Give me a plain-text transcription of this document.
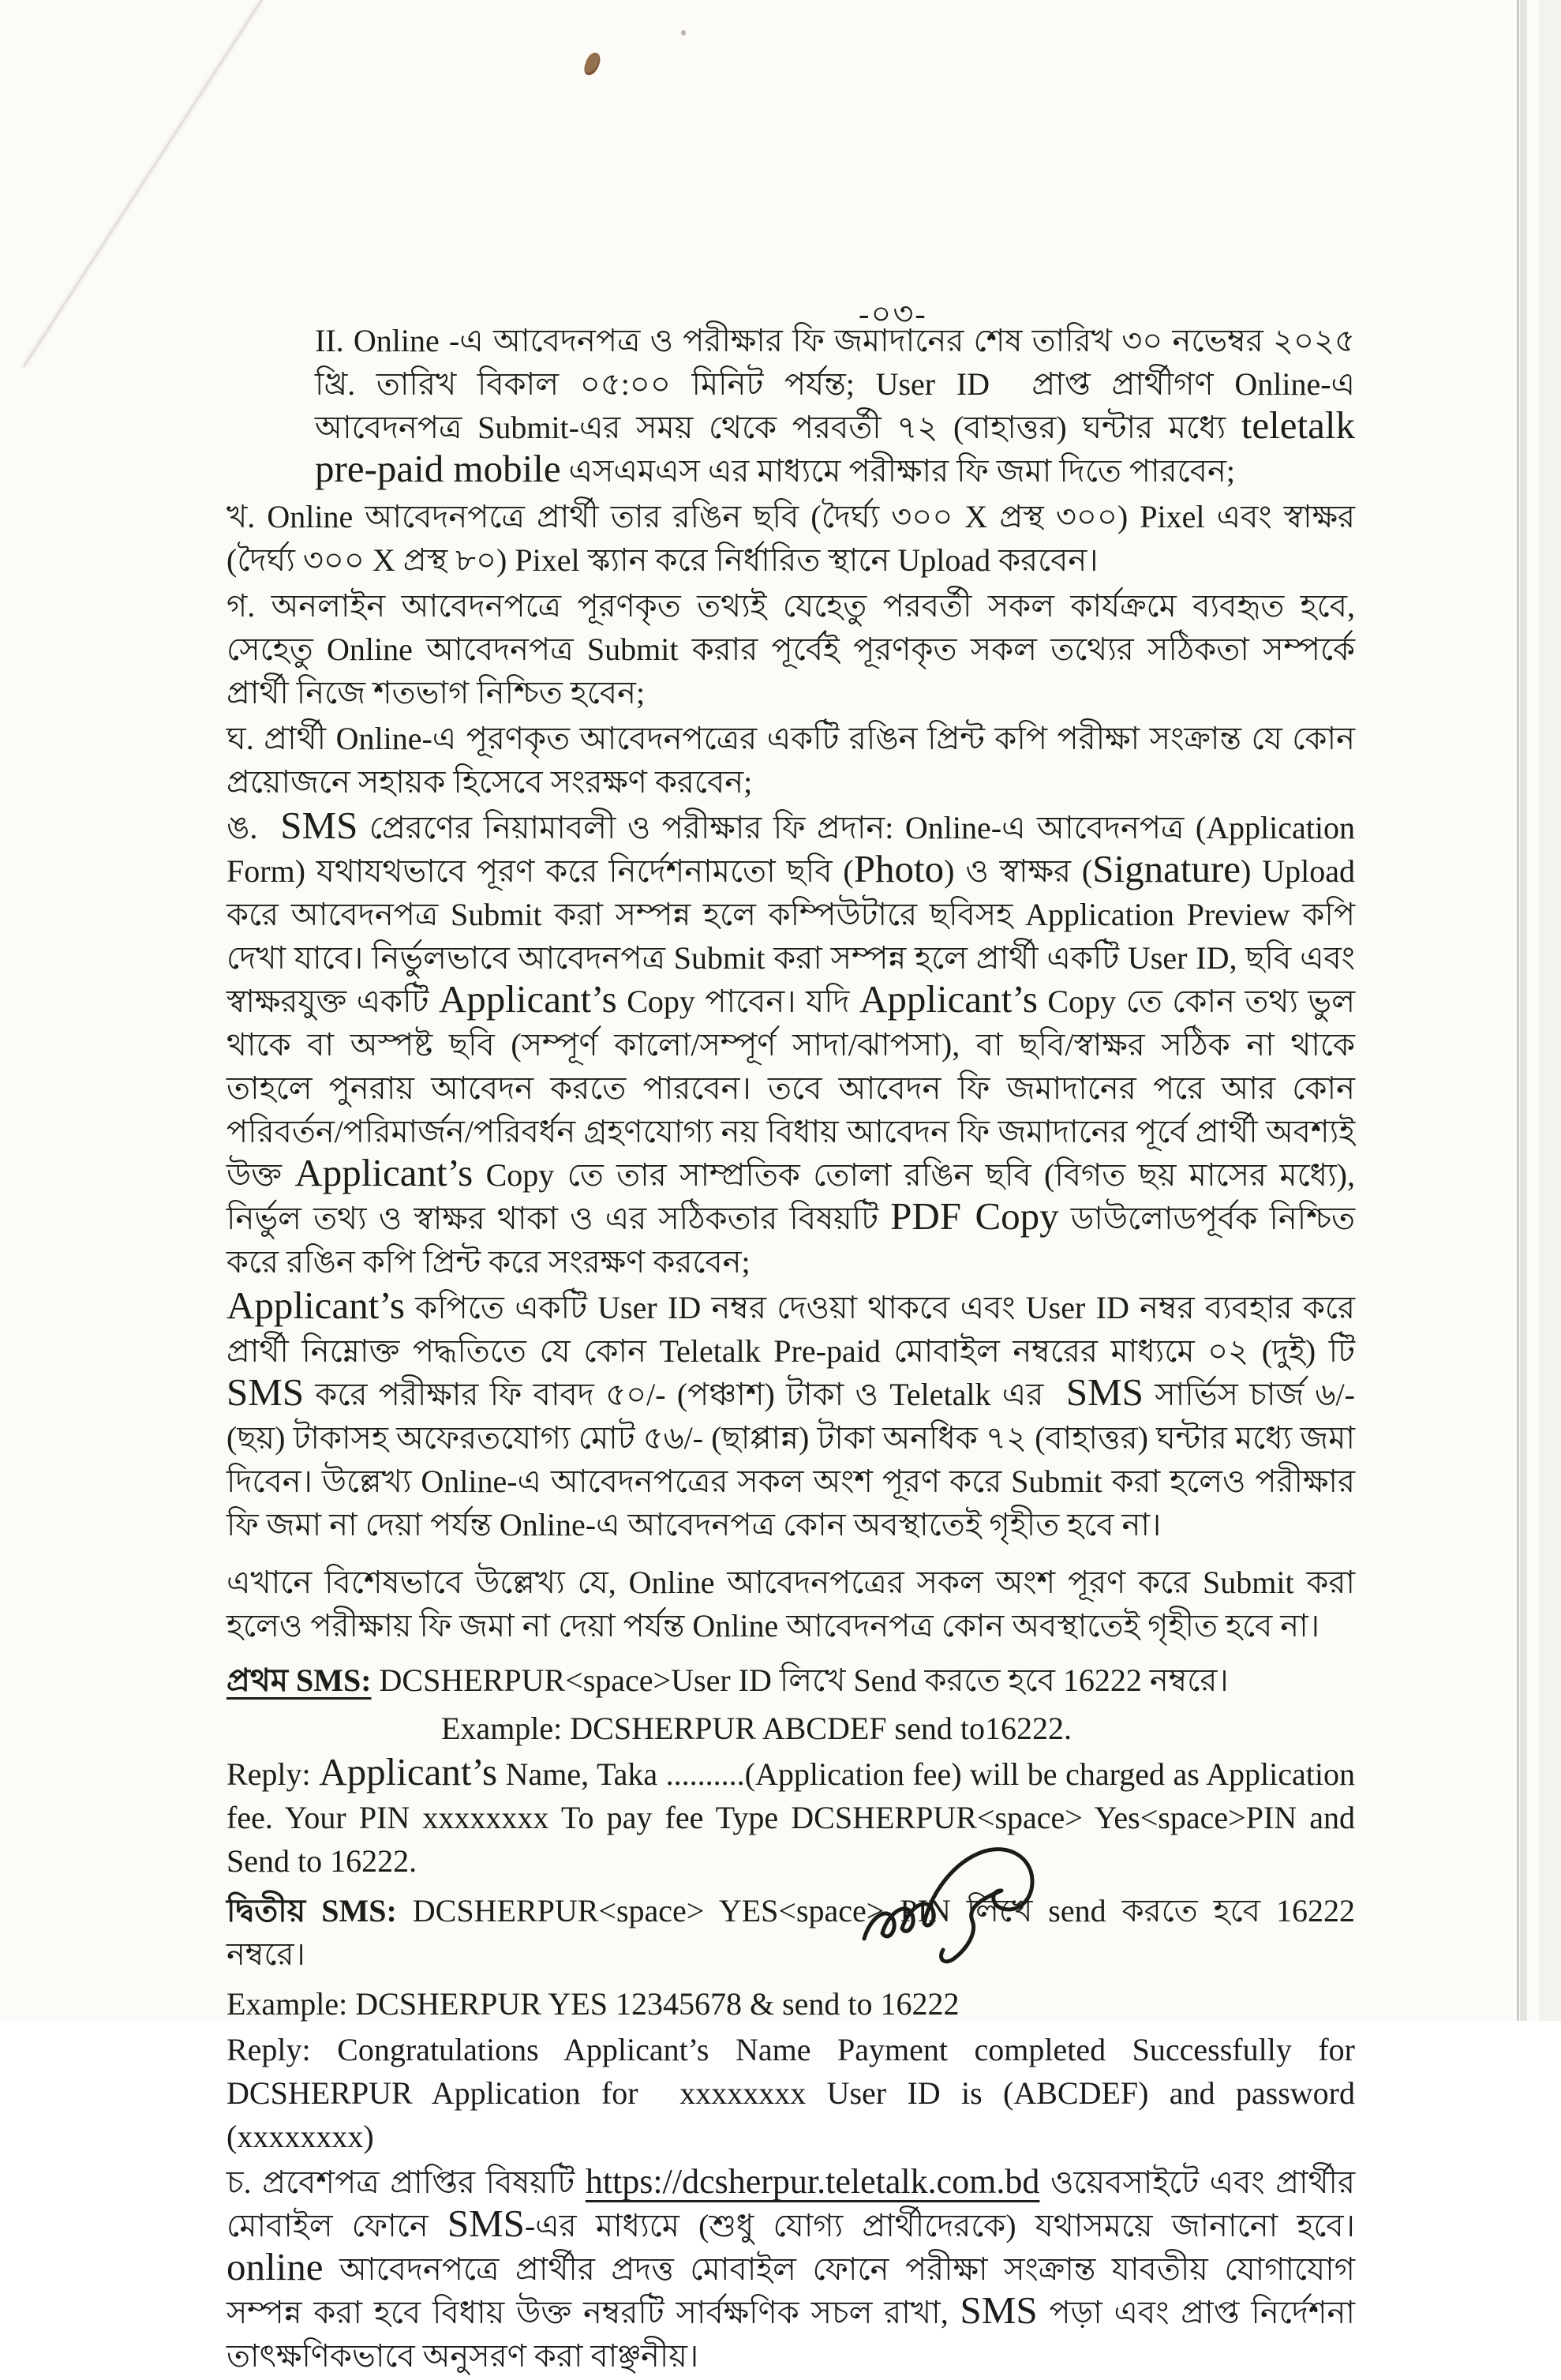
-০৩-

II. Online -এ আবেদনপত্র ও পরীক্ষার ফি জমাদানের শেষ তারিখ ৩০ নভেম্বর ২০২৫ খ্রি. তারিখ বিকাল ০৫:০০ মিনিট পর্যন্ত; User ID  প্রাপ্ত প্রার্থীগণ Online-এ আবেদনপত্র Submit-এর সময় থেকে পরবর্তী ৭২ (বাহাত্তর) ঘন্টার মধ্যে teletalk pre-paid mobile এসএমএস এর মাধ্যমে পরীক্ষার ফি জমা দিতে পারবেন;

খ. Online আবেদনপত্রে প্রার্থী তার রঙিন ছবি (দৈর্ঘ্য ৩০০ X প্রস্থ ৩০০) Pixel এবং স্বাক্ষর (দৈর্ঘ্য ৩০০ X প্রস্থ ৮০) Pixel স্ক্যান করে নির্ধারিত স্থানে Upload করবেন।

গ. অনলাইন আবেদনপত্রে পূরণকৃত তথ্যই যেহেতু পরবর্তী সকল কার্যক্রমে ব্যবহৃত হবে, সেহেতু Online আবেদনপত্র Submit করার পূর্বেই পূরণকৃত সকল তথ্যের সঠিকতা সম্পর্কে প্রার্থী নিজে শতভাগ নিশ্চিত হবেন;

ঘ. প্রার্থী Online-এ পূরণকৃত আবেদনপত্রের একটি রঙিন প্রিন্ট কপি পরীক্ষা সংক্রান্ত যে কোন প্রয়োজনে সহায়ক হিসেবে সংরক্ষণ করবেন;

ঙ.  SMS প্রেরণের নিয়ামাবলী ও পরীক্ষার ফি প্রদান: Online-এ আবেদনপত্র (Application Form) যথাযথভাবে পূরণ করে নির্দেশনামতো ছবি (Photo) ও স্বাক্ষর (Signature) Upload করে আবেদনপত্র Submit করা সম্পন্ন হলে কম্পিউটারে ছবিসহ Application Preview কপি দেখা যাবে। নির্ভুলভাবে আবেদনপত্র Submit করা সম্পন্ন হলে প্রার্থী একটি User ID, ছবি এবং স্বাক্ষরযুক্ত একটি Applicant’s Copy পাবেন। যদি Applicant’s Copy তে কোন তথ্য ভুল থাকে বা অস্পষ্ট ছবি (সম্পূর্ণ কালো/সম্পূর্ণ সাদা/ঝাপসা), বা ছবি/স্বাক্ষর সঠিক না থাকে তাহলে পুনরায় আবেদন করতে পারবেন। তবে আবেদন ফি জমাদানের পরে আর কোন পরিবর্তন/পরিমার্জন/পরিবর্ধন গ্রহণযোগ্য নয় বিধায় আবেদন ফি জমাদানের পূর্বে প্রার্থী অবশ্যই উক্ত Applicant’s Copy তে তার সাম্প্রতিক তোলা রঙিন ছবি (বিগত ছয় মাসের মধ্যে), নির্ভুল তথ্য ও স্বাক্ষর থাকা ও এর সঠিকতার বিষয়টি PDF Copy ডাউলোডপূর্বক নিশ্চিত করে রঙিন কপি প্রিন্ট করে সংরক্ষণ করবেন;

Applicant’s কপিতে একটি User ID নম্বর দেওয়া থাকবে এবং User ID নম্বর ব্যবহার করে প্রার্থী নিম্নোক্ত পদ্ধতিতে যে কোন Teletalk Pre-paid মোবাইল নম্বরের মাধ্যমে ০২ (দুই) টি SMS করে পরীক্ষার ফি বাবদ ৫০/- (পঞ্চাশ) টাকা ও Teletalk এর  SMS সার্ভিস চার্জ ৬/- (ছয়) টাকাসহ অফেরতযোগ্য মোট ৫৬/- (ছাপ্পান্ন) টাকা অনধিক ৭২ (বাহাত্তর) ঘন্টার মধ্যে জমা দিবেন। উল্লেখ্য Online-এ আবেদনপত্রের সকল অংশ পূরণ করে Submit করা হলেও পরীক্ষার ফি জমা না দেয়া পর্যন্ত Online-এ আবেদনপত্র কোন অবস্থাতেই গৃহীত হবে না।

এখানে বিশেষভাবে উল্লেখ্য যে, Online আবেদনপত্রের সকল অংশ পূরণ করে Submit করা হলেও পরীক্ষায় ফি জমা না দেয়া পর্যন্ত Online আবেদনপত্র কোন অবস্থাতেই গৃহীত হবে না।

প্রথম SMS: DCSHERPUR<space>User ID লিখে Send করতে হবে 16222 নম্বরে।

Example: DCSHERPUR ABCDEF send to16222.

Reply: Applicant’s Name, Taka ..........(Application fee) will be charged as Application fee. Your PIN xxxxxxxx To pay fee Type DCSHERPUR<space> Yes<space>PIN and Send to 16222.

দ্বিতীয় SMS: DCSHERPUR<space> YES<space> PIN লিখে send করতে হবে 16222 নম্বরে।

Example: DCSHERPUR YES 12345678 & send to 16222

Reply: Congratulations Applicant’s Name Payment completed Successfully for DCSHERPUR Application for  xxxxxxxx User ID is (ABCDEF) and password (xxxxxxxx)

চ. প্রবেশপত্র প্রাপ্তির বিষয়টি https://dcsherpur.teletalk.com.bd ওয়েবসাইটে এবং প্রার্থীর মোবাইল ফোনে SMS-এর মাধ্যমে (শুধু যোগ্য প্রার্থীদেরকে) যথাসময়ে জানানো হবে। online আবেদনপত্রে প্রার্থীর প্রদত্ত মোবাইল ফোনে পরীক্ষা সংক্রান্ত যাবতীয় যোগাযোগ সম্পন্ন করা হবে বিধায় উক্ত নম্বরটি সার্বক্ষণিক সচল রাখা, SMS পড়া এবং প্রাপ্ত নির্দেশনা তাৎক্ষণিকভাবে অনুসরণ করা বাঞ্ছনীয়।
